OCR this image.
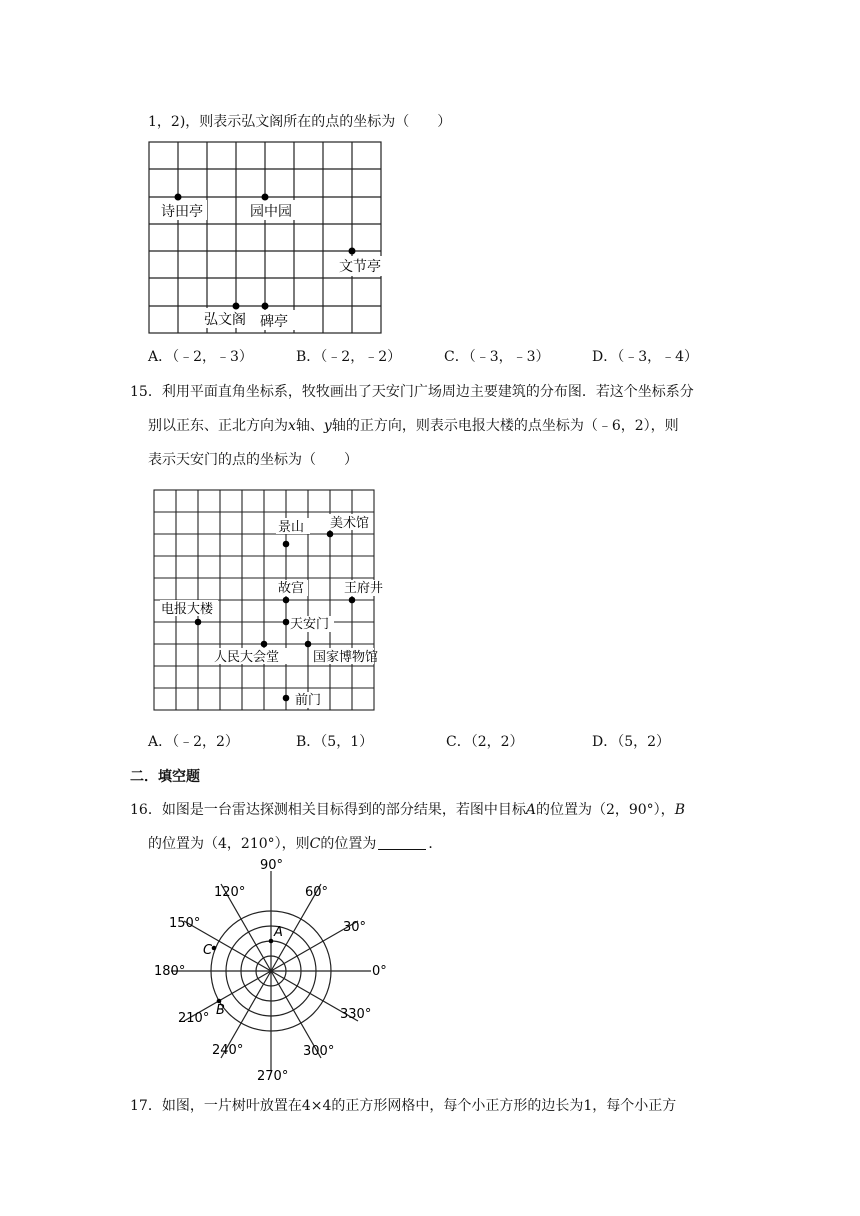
1，2)，则表示弘文阁所在的点的坐标为（　　）
诗田亭	园中园
文节亭
弘文阁 碑亭
A．（﹣2，﹣3）	B．（﹣2，﹣2）	C．（﹣3，﹣3）	D．（﹣3，﹣4）
15．利用平面直角坐标系，牧牧画出了天安门广场周边主要建筑的分布图．若这个坐标系分
别以正东、正北方向为x轴、y轴的正方向，则表示电报大楼的点坐标为（﹣6，2），则
表示天安门的点的坐标为（　　）
景山 美术馆
故宫	王府井
电报大楼
天安门
人民大会堂	国家博物馆
前门
A．（﹣2，2）	B．（5，1）	C．（2，2）	D．（5，2）
二．填空题
16．如图是一台雷达探测相关目标得到的部分结果，若图中目标A的位置为（2，90°），B
的位置为（4，210°），则C的位置为	．
A
B
C
90°
60°
30°
0°
330°
300°
270°
240°
210°
180°
150°
120°
17．如图，一片树叶放置在4×4的正方形网格中，每个小正方形的边长为1，每个小正方
